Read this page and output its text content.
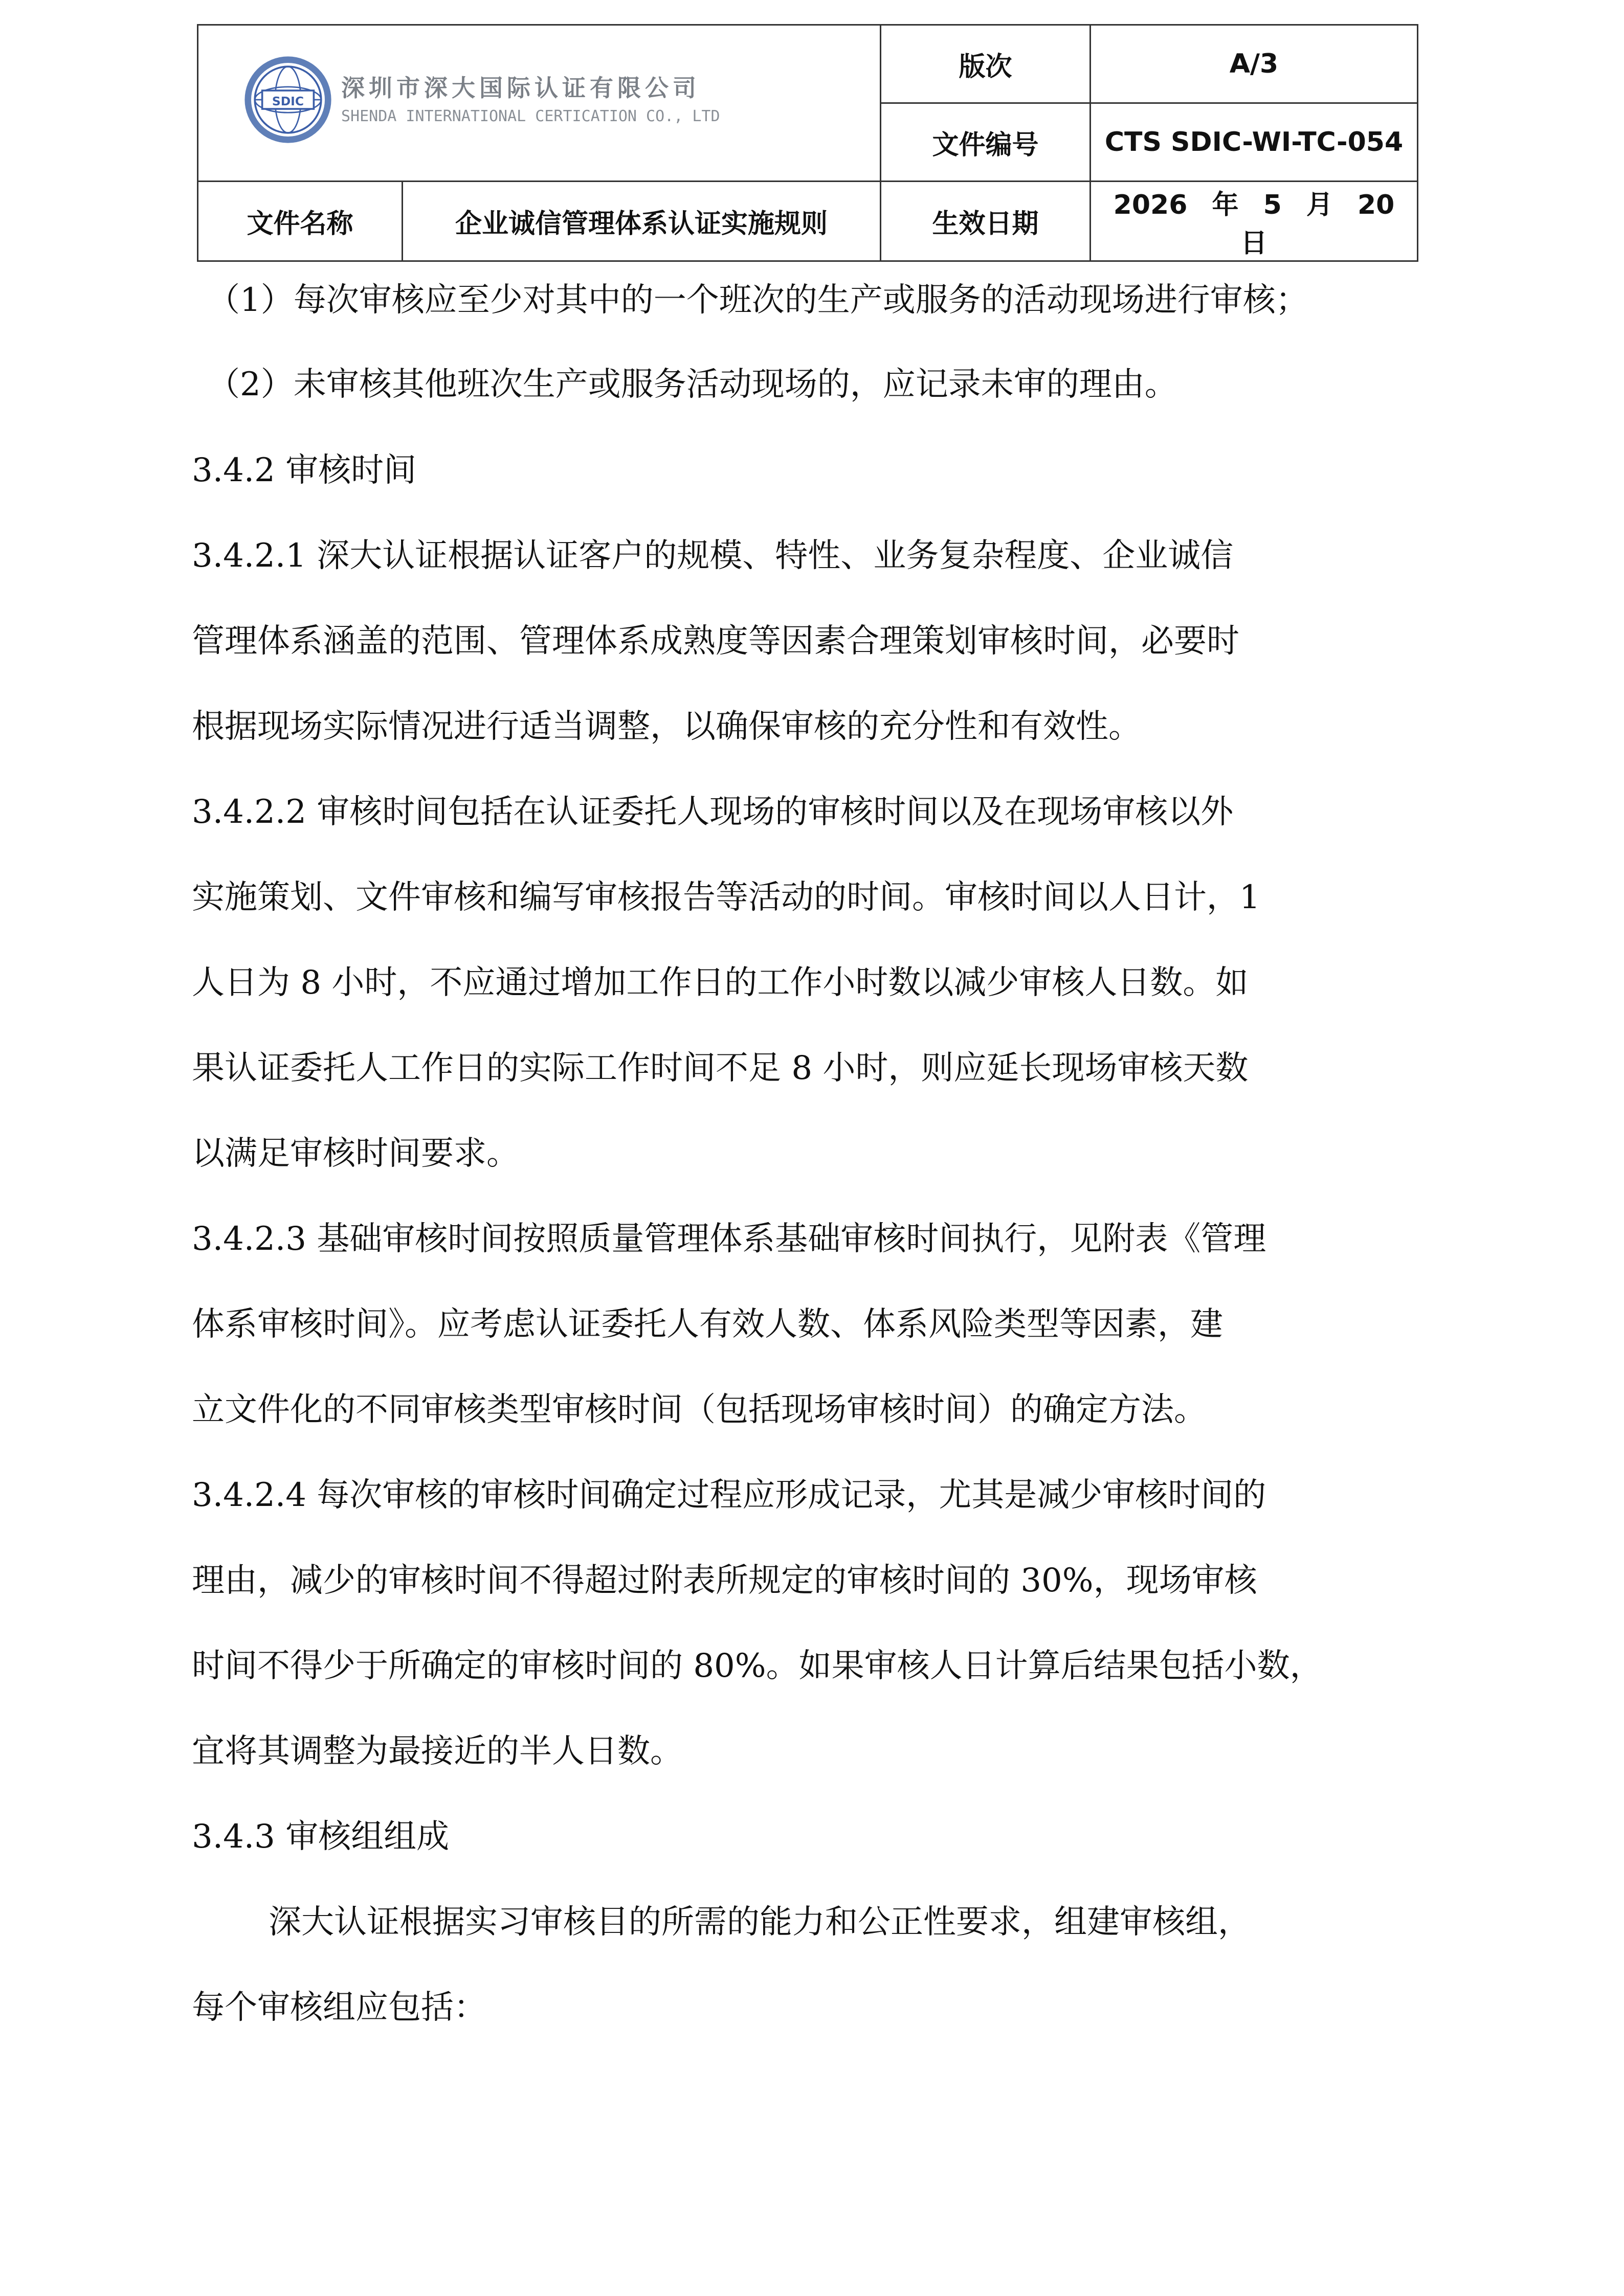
SDIC 深圳市深大国际认证有限公司
SHENDA INTERNATIONAL CERTICATION CO., LTD		版次	A/3
		文件编号	CTS SDIC-WI-TC-054
文件名称	企业诚信管理体系认证实施规则	生效日期	2026 年 5 月 20 日
（1）每次审核应至少对其中的一个班次的生产或服务的活动现场进行审核；
（2）未审核其他班次生产或服务活动现场的，应记录未审的理由。
3.4.2 审核时间
3.4.2.1 深大认证根据认证客户的规模、特性、业务复杂程度、企业诚信
管理体系涵盖的范围、管理体系成熟度等因素合理策划审核时间，必要时
根据现场实际情况进行适当调整，以确保审核的充分性和有效性。
3.4.2.2 审核时间包括在认证委托人现场的审核时间以及在现场审核以外
实施策划、文件审核和编写审核报告等活动的时间。审核时间以人日计，1
人日为 8 小时，不应通过增加工作日的工作小时数以减少审核人日数。如
果认证委托人工作日的实际工作时间不足 8 小时，则应延长现场审核天数
以满足审核时间要求。
3.4.2.3 基础审核时间按照质量管理体系基础审核时间执行，见附表《管理
体系审核时间》。应考虑认证委托人有效人数、体系风险类型等因素，建
立文件化的不同审核类型审核时间（包括现场审核时间）的确定方法。
3.4.2.4 每次审核的审核时间确定过程应形成记录，尤其是减少审核时间的
理由，减少的审核时间不得超过附表所规定的审核时间的 30%，现场审核
时间不得少于所确定的审核时间的 80%。如果审核人日计算后结果包括小数，
宜将其调整为最接近的半人日数。
3.4.3 审核组组成
深大认证根据实习审核目的所需的能力和公正性要求，组建审核组，
每个审核组应包括：
